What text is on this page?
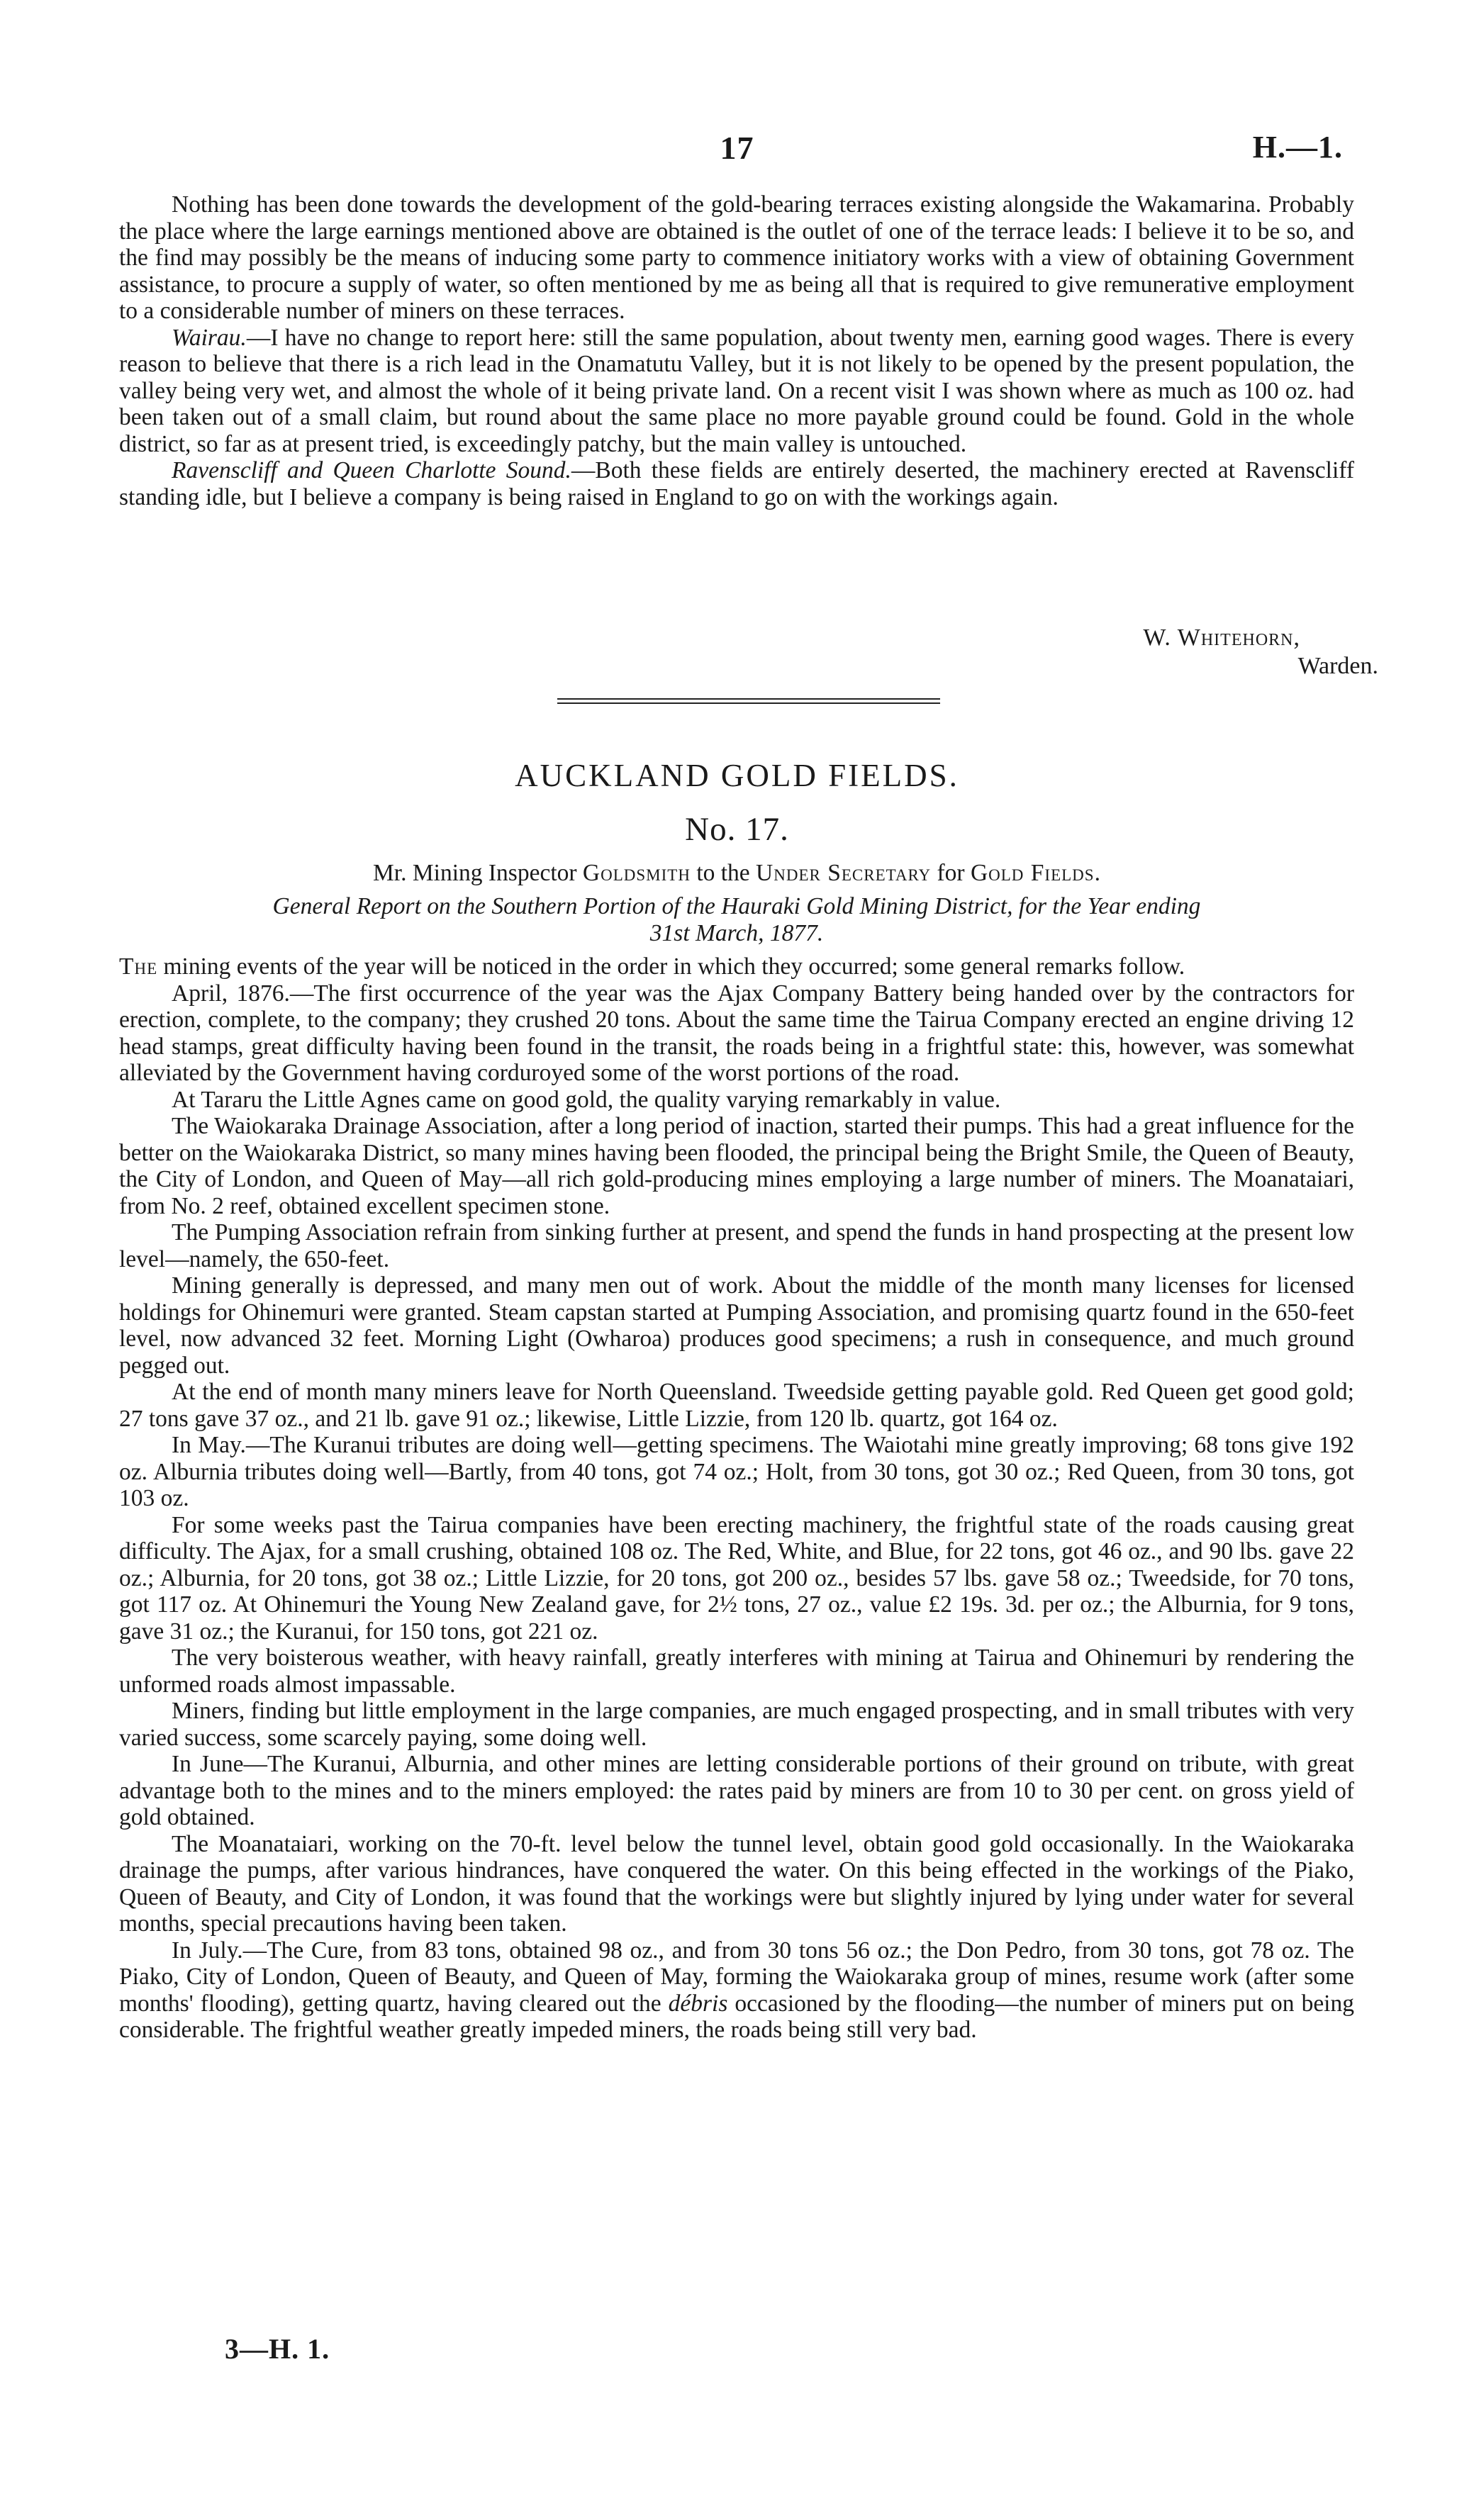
17	H.—1.

Nothing has been done towards the development of the gold-bearing terraces existing alongside the Wakamarina. Probably the place where the large earnings mentioned above are obtained is the outlet of one of the terrace leads: I believe it to be so, and the find may possibly be the means of inducing some party to commence initiatory works with a view of obtaining Government assistance, to procure a supply of water, so often mentioned by me as being all that is required to give remunerative employment to a considerable number of miners on these terraces.

Wairau.—I have no change to report here: still the same population, about twenty men, earning good wages. There is every reason to believe that there is a rich lead in the Onamatutu Valley, but it is not likely to be opened by the present population, the valley being very wet, and almost the whole of it being private land. On a recent visit I was shown where as much as 100 oz. had been taken out of a small claim, but round about the same place no more payable ground could be found. Gold in the whole district, so far as at present tried, is exceedingly patchy, but the main valley is untouched.

Ravenscliff and Queen Charlotte Sound.—Both these fields are entirely deserted, the machinery erected at Ravenscliff standing idle, but I believe a company is being raised in England to go on with the workings again.

W. Whitehorn,
Warden.
AUCKLAND GOLD FIELDS.
No. 17.
Mr. Mining Inspector Goldsmith to the Under Secretary for Gold Fields.
General Report on the Southern Portion of the Hauraki Gold Mining District, for the Year ending
31st March, 1877.

The mining events of the year will be noticed in the order in which they occurred; some general remarks follow.

April, 1876.—The first occurrence of the year was the Ajax Company Battery being handed over by the contractors for erection, complete, to the company; they crushed 20 tons. About the same time the Tairua Company erected an engine driving 12 head stamps, great difficulty having been found in the transit, the roads being in a frightful state: this, however, was somewhat alleviated by the Government having corduroyed some of the worst portions of the road.

At Tararu the Little Agnes came on good gold, the quality varying remarkably in value.

The Waiokaraka Drainage Association, after a long period of inaction, started their pumps. This had a great influence for the better on the Waiokaraka District, so many mines having been flooded, the principal being the Bright Smile, the Queen of Beauty, the City of London, and Queen of May—all rich gold-producing mines employing a large number of miners. The Moanataiari, from No. 2 reef, obtained excellent specimen stone.

The Pumping Association refrain from sinking further at present, and spend the funds in hand prospecting at the present low level—namely, the 650-feet.

Mining generally is depressed, and many men out of work. About the middle of the month many licenses for licensed holdings for Ohinemuri were granted. Steam capstan started at Pumping Association, and promising quartz found in the 650-feet level, now advanced 32 feet. Morning Light (Owharoa) produces good specimens; a rush in consequence, and much ground pegged out.

At the end of month many miners leave for North Queensland. Tweedside getting payable gold. Red Queen get good gold; 27 tons gave 37 oz., and 21 lb. gave 91 oz.; likewise, Little Lizzie, from 120 lb. quartz, got 164 oz.

In May.—The Kuranui tributes are doing well—getting specimens. The Waiotahi mine greatly improving; 68 tons give 192 oz. Alburnia tributes doing well—Bartly, from 40 tons, got 74 oz.; Holt, from 30 tons, got 30 oz.; Red Queen, from 30 tons, got 103 oz.

For some weeks past the Tairua companies have been erecting machinery, the frightful state of the roads causing great difficulty. The Ajax, for a small crushing, obtained 108 oz. The Red, White, and Blue, for 22 tons, got 46 oz., and 90 lbs. gave 22 oz.; Alburnia, for 20 tons, got 38 oz.; Little Lizzie, for 20 tons, got 200 oz., besides 57 lbs. gave 58 oz.; Tweedside, for 70 tons, got 117 oz. At Ohinemuri the Young New Zealand gave, for 2½ tons, 27 oz., value £2 19s. 3d. per oz.; the Alburnia, for 9 tons, gave 31 oz.; the Kuranui, for 150 tons, got 221 oz.

The very boisterous weather, with heavy rainfall, greatly interferes with mining at Tairua and Ohinemuri by rendering the unformed roads almost impassable.

Miners, finding but little employment in the large companies, are much engaged prospecting, and in small tributes with very varied success, some scarcely paying, some doing well.

In June—The Kuranui, Alburnia, and other mines are letting considerable portions of their ground on tribute, with great advantage both to the mines and to the miners employed: the rates paid by miners are from 10 to 30 per cent. on gross yield of gold obtained.

The Moanataiari, working on the 70-ft. level below the tunnel level, obtain good gold occasionally. In the Waiokaraka drainage the pumps, after various hindrances, have conquered the water. On this being effected in the workings of the Piako, Queen of Beauty, and City of London, it was found that the workings were but slightly injured by lying under water for several months, special precautions having been taken.

In July.—The Cure, from 83 tons, obtained 98 oz., and from 30 tons 56 oz.; the Don Pedro, from 30 tons, got 78 oz. The Piako, City of London, Queen of Beauty, and Queen of May, forming the Waiokaraka group of mines, resume work (after some months' flooding), getting quartz, having cleared out the débris occasioned by the flooding—the number of miners put on being considerable. The frightful weather greatly impeded miners, the roads being still very bad.

3—H. 1.
